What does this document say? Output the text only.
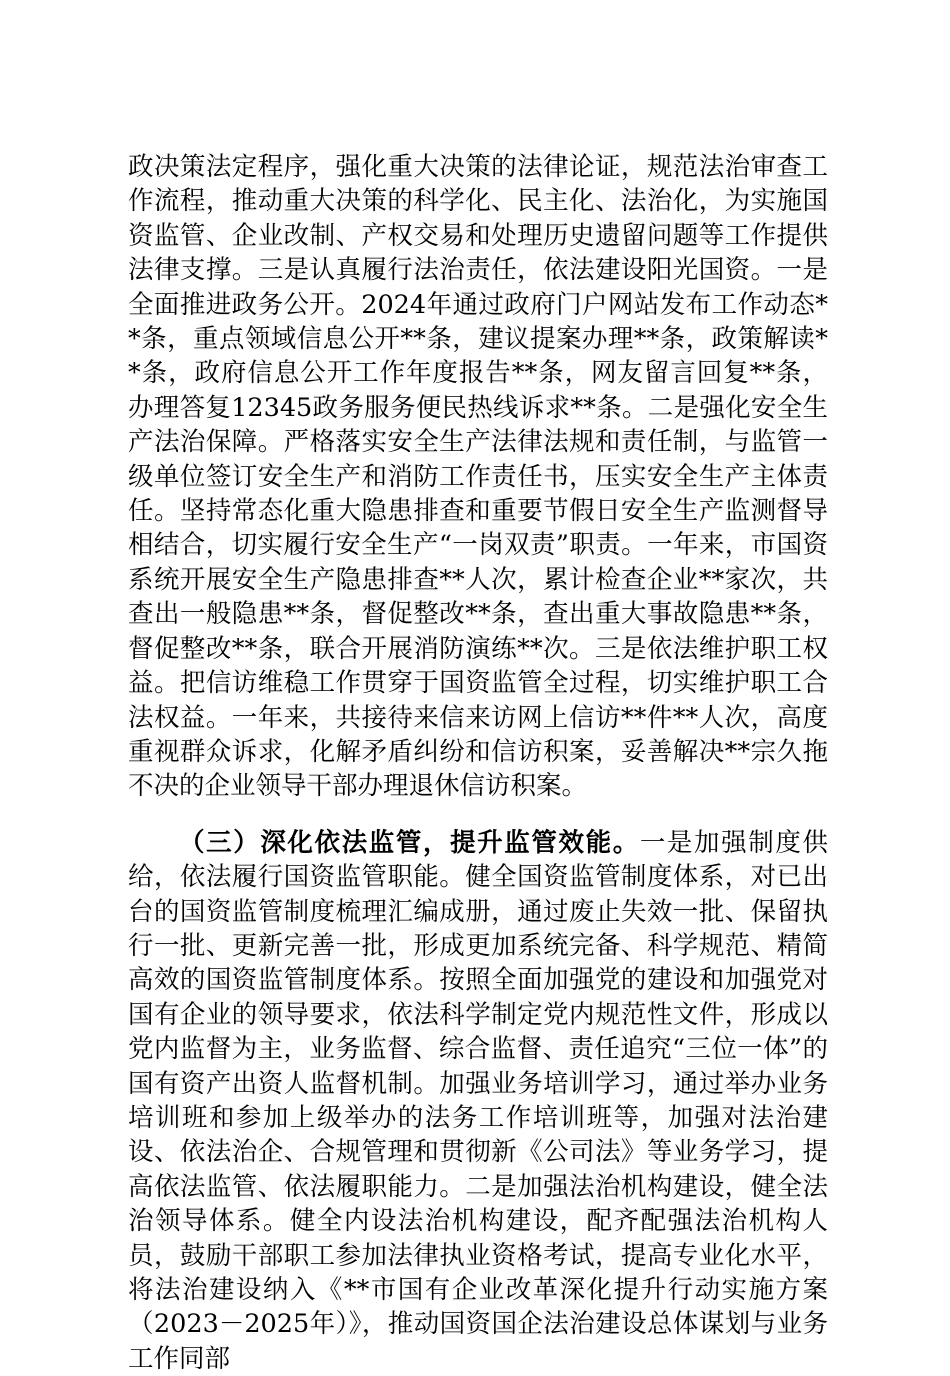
政决策法定程序，强化重大决策的法律论证，规范法治审查工作流程，推动重大决策的科学化、民主化、法治化，为实施国资监管、企业改制、产权交易和处理历史遗留问题等工作提供法律支撑。三是认真履行法治责任，依法建设阳光国资。一是全面推进政务公开。2024年通过政府门户网站发布工作动态**条，重点领域信息公开**条，建议提案办理**条，政策解读**条，政府信息公开工作年度报告**条，网友留言回复**条，办理答复12345政务服务便民热线诉求**条。二是强化安全生产法治保障。严格落实安全生产法律法规和责任制，与监管一级单位签订安全生产和消防工作责任书，压实安全生产主体责任。坚持常态化重大隐患排查和重要节假日安全生产监测督导相结合，切实履行安全生产“一岗双责”职责。一年来，市国资系统开展安全生产隐患排查**人次，累计检查企业**家次，共查出一般隐患**条，督促整改**条，查出重大事故隐患**条，督促整改**条，联合开展消防演练**次。三是依法维护职工权益。把信访维稳工作贯穿于国资监管全过程，切实维护职工合法权益。一年来，共接待来信来访网上信访**件**人次，高度重视群众诉求，化解矛盾纠纷和信访积案，妥善解决**宗久拖不决的企业领导干部办理退休信访积案。

（三）深化依法监管，提升监管效能。一是加强制度供给，依法履行国资监管职能。健全国资监管制度体系，对已出台的国资监管制度梳理汇编成册，通过废止失效一批、保留执行一批、更新完善一批，形成更加系统完备、科学规范、精简高效的国资监管制度体系。按照全面加强党的建设和加强党对国有企业的领导要求，依法科学制定党内规范性文件，形成以党内监督为主，业务监督、综合监督、责任追究“三位一体”的国有资产出资人监督机制。加强业务培训学习，通过举办业务培训班和参加上级举办的法务工作培训班等，加强对法治建设、依法治企、合规管理和贯彻新《公司法》等业务学习，提高依法监管、依法履职能力。二是加强法治机构建设，健全法治领导体系。健全内设法治机构建设，配齐配强法治机构人员，鼓励干部职工参加法律执业资格考试，提高专业化水平，将法治建设纳入《**市国有企业改革深化提升行动实施方案（2023－2025年）》，推动国资国企法治建设总体谋划与业务工作同部
